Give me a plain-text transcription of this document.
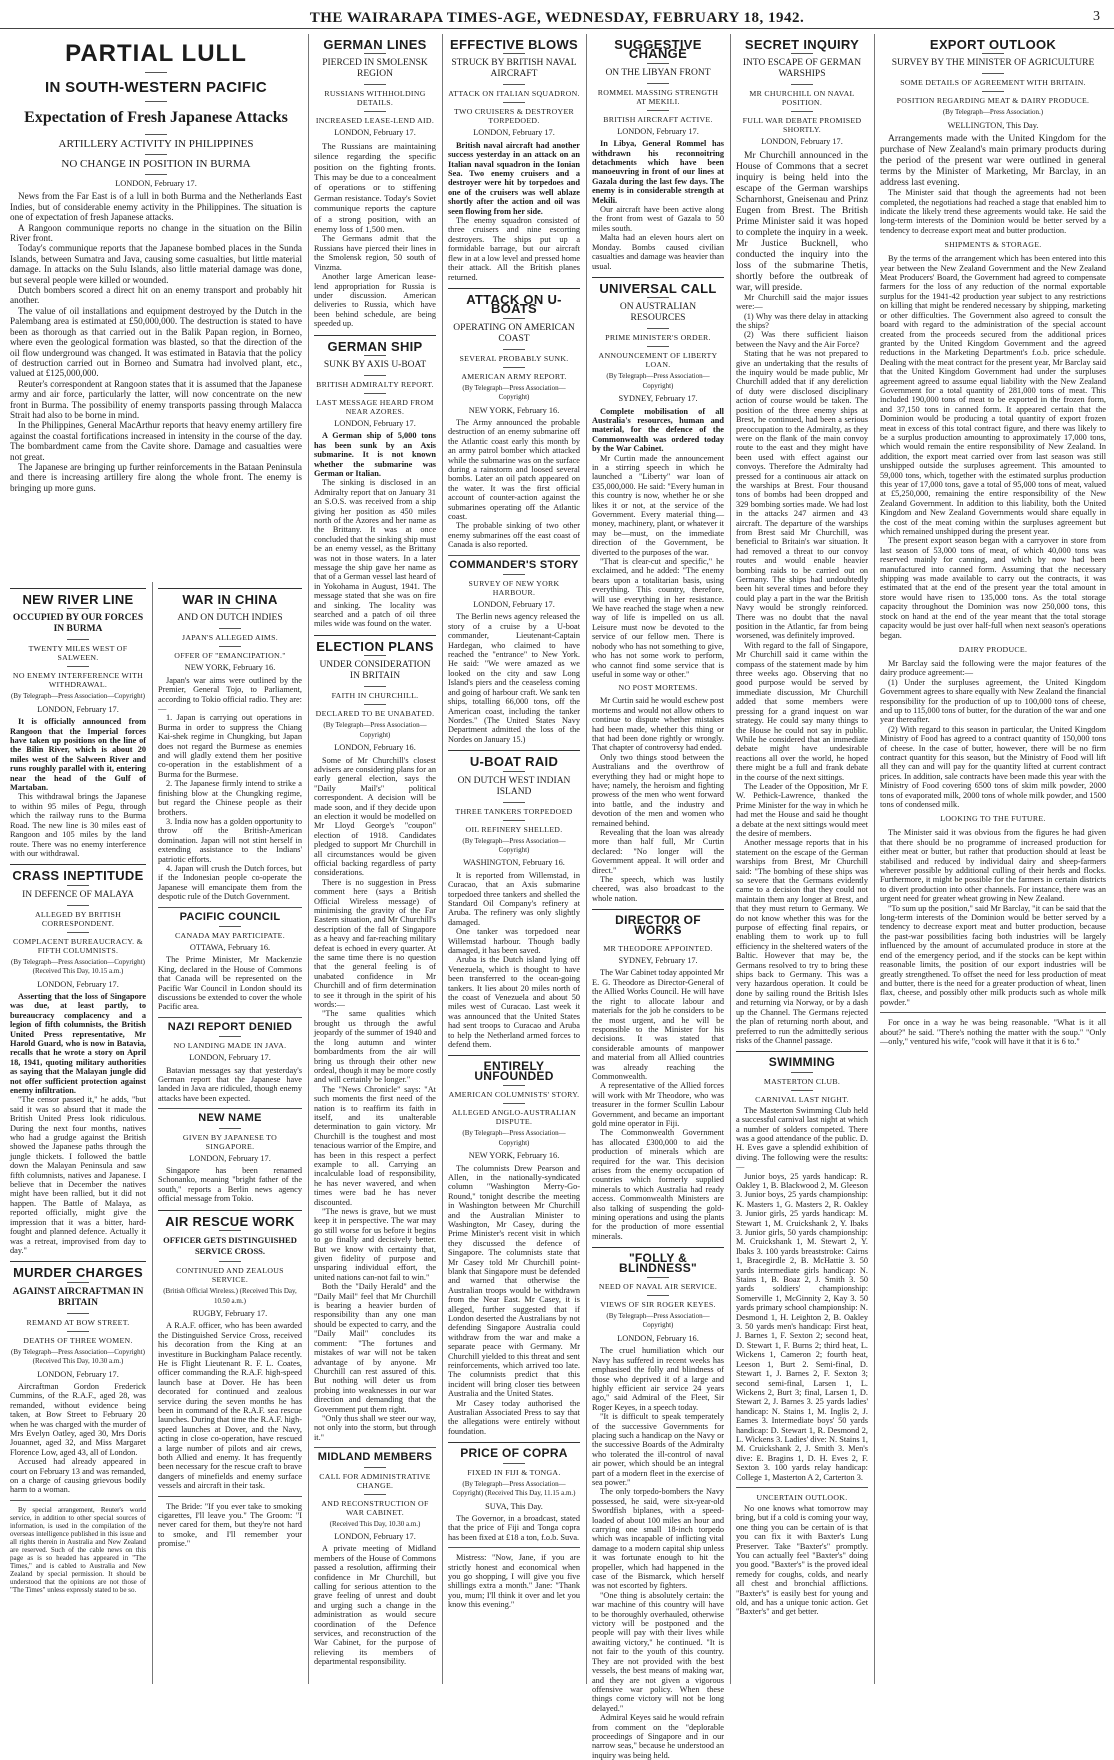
THE WAIRARAPA TIMES-AGE, WEDNESDAY, FEBRUARY 18, 1942.	3
PARTIAL LULL
IN SOUTH-WESTERN PACIFIC
Expectation of Fresh Japanese Attacks
ARTILLERY ACTIVITY IN PHILIPPINES
NO CHANGE IN POSITION IN BURMA
LONDON, February 17.

News from the Far East is of a lull in both Burma and the Netherlands East Indies, but of considerable enemy activity in the Philippines. The situation is one of expectation of fresh Japanese attacks.

A Rangoon communique reports no change in the situation on the Bilin River front.

Today's communique reports that the Japanese bombed places in the Sunda Islands, between Sumatra and Java, causing some casualties, but little material damage. In attacks on the Sulu Islands, also little material damage was done, but several people were killed or wounded.

Dutch bombers scored a direct hit on an enemy transport and probably hit another.

The value of oil installations and equipment destroyed by the Dutch in the Palembang area is estimated at £50,000,000. The destruction is stated to have been as thorough as that carried out in the Balik Papan region, in Borneo, where even the geological formation was blasted, so that the direction of the oil flow underground was changed. It was estimated in Batavia that the policy of destruction carried out in Borneo and Sumatra had involved plant, etc., valued at £125,000,000.

Reuter's correspondent at Rangoon states that it is assumed that the Japanese army and air force, particularly the latter, will now concentrate on the new front in Burma. The possibility of enemy transports passing through Malacca Strait had also to be borne in mind.

In the Philippines, General MacArthur reports that heavy enemy artillery fire against the coastal fortifications increased in intensity in the course of the day. The bombardment came from the Cavite shore. Damage and casualties were not great.

The Japanese are bringing up further reinforcements in the Bataan Peninsula and there is increasing artillery fire along the whole front. The enemy is bringing up more guns.

NEW RIVER LINE
OCCUPIED BY OUR FORCES IN BURMA
TWENTY MILES WEST OF SALWEEN.
NO ENEMY INTERFERENCE WITH WITHDRAWAL.
(By Telegraph—Press Association—Copyright)
LONDON, February 17.

It is officially announced from Rangoon that the Imperial forces have taken up positions on the line of the Bilin River, which is about 20 miles west of the Salween River and runs roughly parallel with it, entering near the head of the Gulf of Martaban.

This withdrawal brings the Japanese to within 95 miles of Pegu, through which the railway runs to the Burma Road. The new line is 30 miles east of Rangoon and 105 miles by the land route. There was no enemy interference with our withdrawal.

CRASS INEPTITUDE
IN DEFENCE OF MALAYA
ALLEGED BY BRITISH CORRESPONDENT.
COMPLACENT BUREAUCRACY. & FIFTH COLUMNISTS.
(By Telegraph—Press Association—Copyright) (Received This Day, 10.15 a.m.)
LONDON, February 17.

Asserting that the loss of Singapore was due, at least partly, to bureaucracy complacency and a legion of fifth columnists, the British United Press representative, Mr Harold Guard, who is now in Batavia, recalls that he wrote a story on April 18, 1941, quoting military authorities as saying that the Malayan jungle did not offer sufficient protection against enemy infiltration.

"The censor passed it," he adds, "but said it was so absurd that it made the British United Press look ridiculous. During the next four months, natives who had a grudge against the British showed the Japanese paths through the jungle thickets. I followed the battle down the Malayan Peninsula and saw fifth columnists, natives and Japanese. I believe that in December the natives might have been rallied, but it did not happen. The Battle of Malaya, as reported officially, might give the impression that it was a bitter, hard-fought and planned defence. Actually it was a retreat, improvised from day to day."

MURDER CHARGES
AGAINST AIRCRAFTMAN IN BRITAIN
REMAND AT BOW STREET.
DEATHS OF THREE WOMEN.
(By Telegraph—Press Association—Copyright) (Received This Day, 10.30 a.m.)
LONDON, February 17.

Aircraftman Gordon Frederick Cummins, of the R.A.F., aged 28, was remanded, without evidence being taken, at Bow Street to February 20 when he was charged with the murder of Mrs Evelyn Oatley, aged 30, Mrs Doris Jouannet, aged 32, and Miss Margaret Florence Low, aged 43, all of London.

Accused had already appeared in court on February 13 and was remanded, on a charge of causing grievous bodily harm to a woman.

By special arrangement, Reuter's world service, in addition to other special sources of information, is used in the compilation of the overseas intelligence published in this issue and all rights therein in Australia and New Zealand are reserved. Such of the cable news on this page as is so headed has appeared in "The Times," and is cabled to Australia and New Zealand by special permission. It should be understood that the opinions are not those of "The Times" unless expressly stated to be so.

WAR IN CHINA
AND ON DUTCH INDIES
JAPAN'S ALLEGED AIMS.
OFFER OF "EMANCIPATION."
NEW YORK, February 16.

Japan's war aims were outlined by the Premier, General Tojo, to Parliament, according to Tokio official radio. They are:—

1. Japan is carrying out operations in Burma in order to suppress the Chiang Kai-shek regime in Chungking, but Japan does not regard the Burmese as enemies and will gladly extend them her positive co-operation in the establishment of a Burma for the Burmese.

2. The Japanese firmly intend to strike a finishing blow at the Chungking regime, but regard the Chinese people as their brothers.

3. India now has a golden opportunity to throw off the British-American domination. Japan will not stint herself in extending assistance to the Indians' patriotic efforts.

4. Japan will crush the Dutch forces, but if the Indonesian people co-operate the Japanese will emancipate them from the despotic rule of the Dutch Government.

PACIFIC COUNCIL
CANADA MAY PARTICIPATE.
OTTAWA, February 16.

The Prime Minister, Mr Mackenzie King, declared in the House of Commons that Canada will be represented on the Pacific War Council in London should its discussions be extended to cover the whole Pacific area.

NAZI REPORT DENIED
NO LANDING MADE IN JAVA.
LONDON, February 17.

Batavian messages say that yesterday's German report that the Japanese have landed in Java are ridiculed, though enemy attacks have been expected.

NEW NAME
GIVEN BY JAPANESE TO SINGAPORE.
LONDON, February 17.

Singapore has been renamed Schonanko, meaning "bright father of the south," reports a Berlin news agency official message from Tokio.

AIR RESCUE WORK
OFFICER GETS DISTINGUISHED SERVICE CROSS.
CONTINUED AND ZEALOUS SERVICE.
(British Official Wireless.) (Received This Day, 10.50 a.m.)
RUGBY, February 17.

A R.A.F. officer, who has been awarded the Distinguished Service Cross, received his decoration from the King at an investiture in Buckingham Palace recently. He is Flight Lieutenant R. F. L. Coates, officer commanding the R.A.F. high-speed launch base at Dover. He has been decorated for continued and zealous service during the seven months he has been in command of the R.A.F. sea rescue launches. During that time the R.A.F. high-speed launches at Dover, and the Navy, acting in close co-operation, have rescued a large number of pilots and air crews, both Allied and enemy. It has frequently been necessary for the rescue craft to brave dangers of minefields and enemy surface vessels and aircraft in their task.

The Bride: "If you ever take to smoking cigarettes, I'll leave you." The Groom: "I never cared for them, but they're not hard to smoke, and I'll remember your promise."

GERMAN LINES
PIERCED IN SMOLENSK REGION
RUSSIANS WITHHOLDING DETAILS.
INCREASED LEASE-LEND AID.
LONDON, February 17.

The Russians are maintaining silence regarding the specific position on the fighting fronts. This may be due to a concealment of operations or to stiffening German resistance. Today's Soviet communique reports the capture of a strong position, with an enemy loss of 1,500 men.

The Germans admit that the Russians have pierced their lines in the Smolensk region, 50 south of Vinzma.

Another large American lease-lend appropriation for Russia is under discussion. American deliveries to Russia, which have been behind schedule, are being speeded up.

GERMAN SHIP
SUNK BY AXIS U-BOAT
BRITISH ADMIRALTY REPORT.
LAST MESSAGE HEARD FROM NEAR AZORES.
LONDON, February 17.

A German ship of 5,000 tons has been sunk by an Axis submarine. It is not known whether the submarine was German or Italian.

The sinking is disclosed in an Admiralty report that on January 31 an S.O.S. was received from a ship giving her position as 450 miles north of the Azores and her name as the Brittany. It was at once concluded that the sinking ship must be an enemy vessel, as the Brittany was not in those waters. In a later message the ship gave her name as that of a German vessel last heard of in Yokohama in August, 1941. The message stated that she was on fire and sinking. The locality was searched and a patch of oil three miles wide was found on the water.

ELECTION PLANS
UNDER CONSIDERATION IN BRITAIN
FAITH IN CHURCHILL.
DECLARED TO BE UNABATED.
(By Telegraph—Press Association—Copyright)
LONDON, February 16.

Some of Mr Churchill's closest advisers are considering plans for an early general election, says the "Daily Mail's" political correspondent. A decision will be made soon, and if they decide upon an election it would be modelled on Mr Lloyd George's "coupon" election of 1918. Candidates pledged to support Mr Churchill in all circumstances would be given official backing regardless of party considerations.

There is no suggestion in Press comment here (says a British Official Wireless message) of minimising the gravity of the Far Eastern situation, and Mr Churchill's description of the fall of Singapore as a heavy and far-reaching military defeat is echoed in every quarter. At the same time there is no question that the general feeling is of unabated confidence in Mr Churchill and of firm determination to see it through in the spirit of his words:—

"The same qualities which brought us through the awful jeopardy of the summer of 1940 and the long autumn and winter bombardments from the air will bring us through their other new ordeal, though it may be more costly and will certainly be longer."

The "News Chronicle" says: "At such moments the first need of the nation is to reaffirm its faith in itself, and its unalterable determination to gain victory. Mr Churchill is the toughest and most tenacious warrior of the Empire, and has been in this respect a perfect example to all. Carrying an incalculable load of responsibility, he has never wavered, and when times were bad he has never discounted.

"The news is grave, but we must keep it in perspective. The war may go still worse for us before it begins to go finally and decisively better. But we know with certainty that, given fidelity of purpose and unsparing individual effort, the united nations can-not fail to win."

Both the "Daily Herald" and the "Daily Mail" feel that Mr Churchill is bearing a heavier burden of responsibility than any one man should be expected to carry, and the "Daily Mail" concludes its comment: "The fortunes and mistakes of war will not be taken advantage of by anyone. Mr Churchill can rest assured of this. But nothing will deter us from probing into weaknesses in our war direction and demanding that the Government put them right.

"Only thus shall we steer our way, not only into the storm, but through it."

MIDLAND MEMBERS
CALL FOR ADMINISTRATIVE CHANGE.
AND RECONSTRUCTION OF WAR CABINET.
(Received This Day, 10.30 a.m.)
LONDON, February 17.

A private meeting of Midland members of the House of Commons passed a resolution, affirming their confidence in Mr Churchill, but calling for serious attention to the grave feeling of unrest and doubt and urging such a change in the administration as would secure coordination of the Defence services, and reconstruction of the War Cabinet, for the purpose of relieving its members of departmental responsibility.

EFFECTIVE BLOWS
STRUCK BY BRITISH NAVAL AIRCRAFT
ATTACK ON ITALIAN SQUADRON.
TWO CRUISERS & DESTROYER TORPEDOED.
LONDON, February 17.

British naval aircraft had another success yesterday in an attack on an Italian naval squadron in the Ionian Sea. Two enemy cruisers and a destroyer were hit by torpedoes and one of the cruisers was well ablaze shortly after the action and oil was seen flowing from her side.

The enemy squadron consisted of three cruisers and nine escorting destroyers. The ships put up a formidable barrage, but our aircraft flew in at a low level and pressed home their attack. All the British planes returned.

ATTACK ON U-BOATS
OPERATING ON AMERICAN COAST
SEVERAL PROBABLY SUNK.
AMERICAN ARMY REPORT.
(By Telegraph—Press Association—Copyright)
NEW YORK, February 16.

The Army announced the probable destruction of an enemy submarine off the Atlantic coast early this month by an army patrol bomber which attacked while the submarine was on the surface during a rainstorm and loosed several bombs. Later an oil patch appeared on the water. It was the first official account of counter-action against the submarines operating off the Atlantic coast.

The probable sinking of two other enemy submarines off the east coast of Canada is also reported.

COMMANDER'S STORY
SURVEY OF NEW YORK HARBOUR.
LONDON, February 17.

The Berlin news agency released the story of a cruise by a U-boat commander, Lieutenant-Captain Hardegan, who claimed to have reached the "entrance" to New York. He said: "We were amazed as we looked on the city and saw Long Island's piers and the ceaseless coming and going of harbour craft. We sank ten ships, totalling 66,000 tons, off the American coast, including the tanker Nordes." (The United States Navy Department admitted the loss of the Nordes on January 15.)

U-BOAT RAID
ON DUTCH WEST INDIAN ISLAND
THREE TANKERS TORPEDOED
OIL REFINERY SHELLED.
(By Telegraph—Press Association—Copyright)
WASHINGTON, February 16.

It is reported from Willemstad, in Curacao, that an Axis submarine torpedoed three tankers and shelled the Standard Oil Company's refinery at Aruba. The refinery was only slightly damaged.

One tanker was torpedoed near Willemstad harbour. Though badly damaged, it has been saved.

Aruba is the Dutch island lying off Venezuela, which is thought to have been transferred to the ocean-going tankers. It lies about 20 miles north of the coast of Venezuela and about 50 miles west of Curacao. Last week it was announced that the United States had sent troops to Curacao and Aruba to help the Netherland armed forces to defend them.

ENTIRELY UNFOUNDED
AMERICAN COLUMNISTS' STORY.
ALLEGED ANGLO-AUSTRALIAN DISPUTE.
(By Telegraph—Press Association—Copyright)
NEW YORK, February 16.

The columnists Drew Pearson and Allen, in the nationally-syndicated column "Washington Merry-Go-Round," tonight describe the meeting in Washington between Mr Churchill and the Australian Minister to Washington, Mr Casey, during the Prime Minister's recent visit in which they discussed the defence of Singapore. The columnists state that Mr Casey told Mr Churchill point-blank that Singapore must be defended and warned that otherwise the Australian troops would be withdrawn from the Near East. Mr Casey, it is alleged, further suggested that if London deserted the Australians by not defending Singapore Australia could withdraw from the war and make a separate peace with Germany. Mr Churchill yielded to this threat and sent reinforcements, which arrived too late. The columnists predict that this incident will bring closer ties between Australia and the United States.

Mr Casey today authorised the Australian Associated Press to say that the allegations were entirely without foundation.

PRICE OF COPRA
FIXED IN FIJI & TONGA.
(By Telegraph—Press Association—Copyright) (Received This Day, 11.15 a.m.)
SUVA, This Day.

The Governor, in a broadcast, stated that the price of Fiji and Tonga copra has been fixed at £18 a ton, f.o.b. Suva.

Mistress: "Now, Jane, if you are strictly honest and economical when you go shopping, I will give you five shillings extra a month." Jane: "Thank you, mum; I'll think it over and let you know this evening."

SUGGESTIVE CHANGE
ON THE LIBYAN FRONT
ROMMEL MASSING STRENGTH AT MEKILI.
BRITISH AIRCRAFT ACTIVE.
LONDON, February 17.

In Libya, General Rommel has withdrawn his reconnoitring detachments which have been manoeuvring in front of our lines at Gazala during the last few days. The enemy is in considerable strength at Mekili.

Our aircraft have been active along the front from west of Gazala to 50 miles south.

Malta had an eleven hours alert on Monday. Bombs caused civilian casualties and damage was heavier than usual.

UNIVERSAL CALL
ON AUSTRALIAN RESOURCES
PRIME MINISTER'S ORDER.
ANNOUNCEMENT OF LIBERTY LOAN.
(By Telegraph—Press Association—Copyright)
SYDNEY, February 17.

Complete mobilisation of all Australia's resources, human and material, for the defence of the Commonwealth was ordered today by the War Cabinet.

Mr Curtin made the announcement in a stirring speech in which he launched a "Liberty" war loan of £35,000,000. He said: "Every human in this country is now, whether he or she likes it or not, at the service of the Government. Every material thing—money, machinery, plant, or whatever it may be—must, on the immediate direction of the Government, be diverted to the purposes of the war.

"That is clear-cut and specific," he exclaimed, and he added: "The enemy bears upon a totalitarian basis, using everything. This country, therefore, will use everything in her resistance. We have reached the stage when a new way of life is impelled on us all. Leisure must now be devoted to the service of our fellow men. There is nobody who has not something to give, who has not some work to perform, who cannot find some service that is useful in some way or other."

NO POST MORTEMS.

Mr Curtin said he would eschew post mortems and would not allow others to continue to dispute whether mistakes had been made, whether this thing or that had been done rightly or wrongly. That chapter of controversy had ended.

Only two things stood between the Australians and the overthrow of everything they had or might hope to have; namely, the heroism and fighting prowess of the men who went forward into battle, and the industry and devotion of the men and women who remained behind.

Revealing that the loan was already more than half full, Mr Curtin declared: "No longer will the Government appeal. It will order and direct."

The speech, which was lustily cheered, was also broadcast to the whole nation.

DIRECTOR OF WORKS
MR THEODORE APPOINTED.
SYDNEY, February 17.

The War Cabinet today appointed Mr E. G. Theodore as Director-General of the Allied Works Council. He will have the right to allocate labour and materials for the job he considers to be the most urgent, and he will be responsible to the Minister for his decisions. It was stated that considerable amounts of manpower and material from all Allied countries was already reaching the Commonwealth.

A representative of the Allied forces will work with Mr Theodore, who was treasurer in the former Scullin Labour Government, and became an important gold mine operator in Fiji.

The Commonwealth Government has allocated £300,000 to aid the production of minerals which are required for the war. This decision arises from the enemy occupation of countries which formerly supplied minerals to which Australia had ready access. Commonwealth Ministers are also talking of suspending the gold-mining operations and using the plants for the production of more essential minerals.

"FOLLY & BLINDNESS"
NEED OF NAVAL AIR SERVICE.
VIEWS OF SIR ROGER KEYES.
(By Telegraph—Press Association—Copyright)
LONDON, February 16.

The cruel humiliation which our Navy has suffered in recent weeks has emphasised the folly and blindness of those who deprived it of a large and highly efficient air service 24 years ago," said Admiral of the Fleet, Sir Roger Keyes, in a speech today.

"It is difficult to speak temperately of the successive Governments for placing such a handicap on the Navy or the successive Boards of the Admiralty who tolerated the ill-control of naval air power, which should be an integral part of a modern fleet in the exercise of sea power."

The only torpedo-bombers the Navy possessed, he said, were six-year-old Swordfish biplanes, with a speed-loaded of about 100 miles an hour and carrying one small 18-inch torpedo which was incapable of inflicting vital damage to a modern capital ship unless it was fortunate enough to hit the propeller, which had happened in the case of the Bismarck, which herself was not escorted by fighters.

"One thing is absolutely certain: the war machine of this country will have to be thoroughly overhauled, otherwise victory will be postponed and the people will pay with their lives while awaiting victory," he continued. "It is not fair to the youth of this country. They are not provided with the best vessels, the best means of making war, and they are not given a vigorous offensive war policy. When these things come victory will not be long delayed."

Admiral Keyes said he would refrain from comment on the "deplorable proceedings of Singapore and in our narrow seas," because he understood an inquiry was being held.

SECRET INQUIRY
INTO ESCAPE OF GERMAN WARSHIPS
MR CHURCHILL ON NAVAL POSITION.
FULL WAR DEBATE PROMISED SHORTLY.
LONDON, February 17.

Mr Churchill announced in the House of Commons that a secret inquiry is being held into the escape of the German warships Scharnhorst, Gneisenau and Prinz Eugen from Brest. The British Prime Minister said it was hoped to complete the inquiry in a week. Mr Justice Bucknell, who conducted the inquiry into the loss of the submarine Thetis, shortly before the outbreak of war, will preside.

Mr Churchill said the major issues were:—

(1) Why was there delay in attacking the ships?

(2) Was there sufficient liaison between the Navy and the Air Force?

Stating that he was not prepared to give an undertaking that the results of the inquiry would be made public, Mr Churchill added that if any dereliction of duty were disclosed disciplinary action of course would be taken. The position of the three enemy ships at Brest, he continued, had been a serious preoccupation to the Admiralty, as they were on the flank of the main convoy route to the east and they might have been used with effect against our convoys. Therefore the Admiralty had pressed for a continuous air attack on the warships at Brest. Four thousand tons of bombs had been dropped and 329 bombing sorties made. We had lost in the attacks 247 airmen and 43 aircraft. The departure of the warships from Brest said Mr Churchill, was beneficial to Britain's war situation. It had removed a threat to our convoy routes and would enable heavier bombing raids to be carried out on Germany. The ships had undoubtedly been hit several times and before they could play a part in the war the British Navy would be strongly reinforced. There was no doubt that the naval position in the Atlantic, far from being worsened, was definitely improved.

With regard to the fall of Singapore, Mr Churchill said it came within the compass of the statement made by him three weeks ago. Observing that no good purpose would be served by immediate discussion, Mr Churchill added that some members were pressing for a grand inquest on war strategy. He could say many things to the House he could not say in public. While he considered that an immediate debate might have undesirable reactions all over the world, he hoped there might be a full and frank debate in the course of the next sittings.

The Leader of the Opposition, Mr F. W. Pethick-Lawrence, thanked the Prime Minister for the way in which he had met the House and said he thought a debate at the next sittings would meet the desire of members.

Another message reports that in his statement on the escape of the German warships from Brest, Mr Churchill said: "The bombing of these ships was so severe that the Germans evidently came to a decision that they could not maintain them any longer at Brest, and that they must return to Germany. We do not know whether this was for the purpose of effecting final repairs, or enabling them to work up to full efficiency in the sheltered waters of the Baltic. However that may be, the Germans resolved to try to bring these ships back to Germany. This was a very hazardous operation. It could be done by sailing round the British Isles and returning via Norway, or by a dash up the Channel. The Germans rejected the plan of returning north about, and preferred to run the admittedly serious risks of the Channel passage.

SWIMMING
MASTERTON CLUB.
CARNIVAL LAST NIGHT.

The Masterton Swimming Club held a successful carnival last night at which a number of solders competed. There was a good attendance of the public. D. H. Eves gave a splendid exhibition of diving. The following were the results:—

Junior boys, 25 yards handicap: R. Oakley 1, B. Blackwood 2, M. Gleeson 3. Junior boys, 25 yards championship: K. Masters 1, G. Masters 2, R. Oakley 3. Junior girls, 25 yards handicap: M. Stewart 1, M. Cruickshank 2, Y. Ibaks 3. Junior girls, 50 yards championship: M. Cruickshank 1, M. Stewart 2, Y. Ibaks 3. 100 yards breaststroke: Cairns 1, Bracegirdle 2, B. McHattie 3. 50 yards intermediate girls handicap: N. Stains 1, B. Boaz 2, J. Smith 3. 50 yards soldiers' championship: Somerville 1, McGinnity 2, Kay 3. 50 yards primary school championship: N. Desmond 1, H. Leighton 2, B. Oakley 3. 50 yards men's handicap: First heat, J. Barnes 1, F. Sexton 2; second heat, D. Stewart 1, F. Burns 2; third heat, L. Wickens 1, Cameron 2; fourth heat, Leeson 1, Burt 2. Semi-final, D. Stewart 1, J. Barnes 2, F. Sexton 3; second semi-final, Larsen 1, L. Wickens 2, Burt 3; final, Larsen 1, D. Stewart 2, J. Barnes 3. 25 yards ladies' handicap: N. Stains 1, M. Inglis 2, J. Eames 3. Intermediate boys' 50 yards handicap: D. Stewart 1, R. Desmond 2, L. Wickens 3. Ladies' dive: N. Stains 1, M. Cruickshank 2, J. Smith 3. Men's dive: E. Bragins 1, D. H. Eves 2, F. Sexton 3. 100 yards relay handicap: College 1, Masterton A 2, Carterton 3.

UNCERTAIN OUTLOOK.

No one knows what tomorrow may bring, but if a cold is coming your way, one thing you can be certain of is that you can fix it with Baxter's Lung Preserver. Take "Baxter's" promptly. You can actually feel "Baxter's" doing you good. "Baxter's" is the proved ideal remedy for coughs, colds, and nearly all chest and bronchial afflictions. "Baxter's" is easily best for young and old, and has a unique tonic action. Get "Baxter's" and get better.

EXPORT OUTLOOK
SURVEY BY THE MINISTER OF AGRICULTURE
SOME DETAILS OF AGREEMENT WITH BRITAIN.
POSITION REGARDING MEAT & DAIRY PRODUCE.
(By Telegraph—Press Association.)
WELLINGTON, This Day.

Arrangements made with the United Kingdom for the purchase of New Zealand's main primary products during the period of the present war were outlined in general terms by the Minister of Marketing, Mr Barclay, in an address last evening.

The Minister said that though the agreements had not been completed, the negotiations had reached a stage that enabled him to indicate the likely trend these agreements would take. He said the long-term interests of the Dominion would be better served by a tendency to decrease export meat and butter production.

SHIPMENTS & STORAGE.

By the terms of the arrangement which has been entered into this year between the New Zealand Government and the New Zealand Meat Producers' Board, the Government had agreed to compensate farmers for the loss of any reduction of the normal exportable surplus for the 1941-42 production year subject to any restrictions on killing that might be rendered necessary by shipping, marketing or other difficulties. The Government also agreed to consult the board with regard to the administration of the special account created from the proceeds secured from the additional prices granted by the United Kingdom Government and the agreed reductions in the Marketing Department's f.o.b. price schedule. Dealing with the meat contract for the present year, Mr Barclay said that the United Kingdom Government had under the surpluses agreement agreed to assume equal liability with the New Zealand Government for a total quantity of 281,000 tons of meat. This included 190,000 tons of meat to be exported in the frozen form, and 37,150 tons in canned form. It appeared certain that the Dominion would be producing a total quantity of export frozen meat in excess of this total contract figure, and there was likely to be a surplus production amounting to approximately 17,000 tons, which would remain the entire responsibility of New Zealand. In addition, the export meat carried over from last season was still unshipped outside the surpluses agreement. This amounted to 59,000 tons, which, together with the estimated surplus production this year of 17,000 tons, gave a total of 95,000 tons of meat, valued at £5,250,000, remaining the entire responsibility of the New Zealand Government. In addition to this liability, both the United Kingdom and New Zealand Governments would share equally in the cost of the meat coming within the surpluses agreement but which remained unshipped during the present year.

The present export season began with a carryover in store from last season of 53,000 tons of meat, of which 40,000 tons was reserved mainly for canning, and which by now had been manufactured into canned form. Assuming that the necessary shipping was made available to carry out the contracts, it was estimated that at the end of the present year the total amount in store would have risen to 135,000 tons. As the total storage capacity throughout the Dominion was now 250,000 tons, this stock on hand at the end of the year meant that the total storage capacity would be just over half-full when next season's operations began.

DAIRY PRODUCE.

Mr Barclay said the following were the major features of the dairy produce agreement:—

(1) Under the surpluses agreement, the United Kingdom Government agrees to share equally with New Zealand the financial responsibility for the production of up to 100,000 tons of cheese, and up to 115,000 tons of butter, for the duration of the war and one year thereafter.

(2) With regard to this season in particular, the United Kingdom Ministry of Food has agreed to a contract quantity of 150,000 tons of cheese. In the case of butter, however, there will be no firm contract quantity for this season, but the Ministry of Food will lift all they can and will pay for the quantity lifted at current contract prices. In addition, sale contracts have been made this year with the Ministry of Food covering 6500 tons of skim milk powder, 2000 tons of evaporated milk, 2000 tons of whole milk powder, and 1500 tons of condensed milk.

LOOKING TO THE FUTURE.

The Minister said it was obvious from the figures he had given that there should be no programme of increased production for either meat or butter, but rather that production should at least be stabilised and reduced by individual dairy and sheep-farmers wherever possible by additional culling of their herds and flocks. Furthermore, it might be possible for the farmers in certain districts to divert production into other channels. For instance, there was an urgent need for greater wheat growing in New Zealand.

"To sum up the position," said Mr Barclay, "it can be said that the long-term interests of the Dominion would be better served by a tendency to decrease export meat and butter production, because the past-war possibilities facing both industries will be largely influenced by the amount of accumulated produce in store at the end of the emergency period, and if the stocks can be kept within reasonable limits, the position of our export industries will be greatly strengthened. To offset the need for less production of meat and butter, there is the need for a greater production of wheat, linen flax, cheese, and possibly other milk products such as whole milk powder."

For once in a way he was being reasonable. "What is it all about?" he said. "There's nothing the matter with the soup." "Only—only," ventured his wife, "cook will have it that it is 6 to."
